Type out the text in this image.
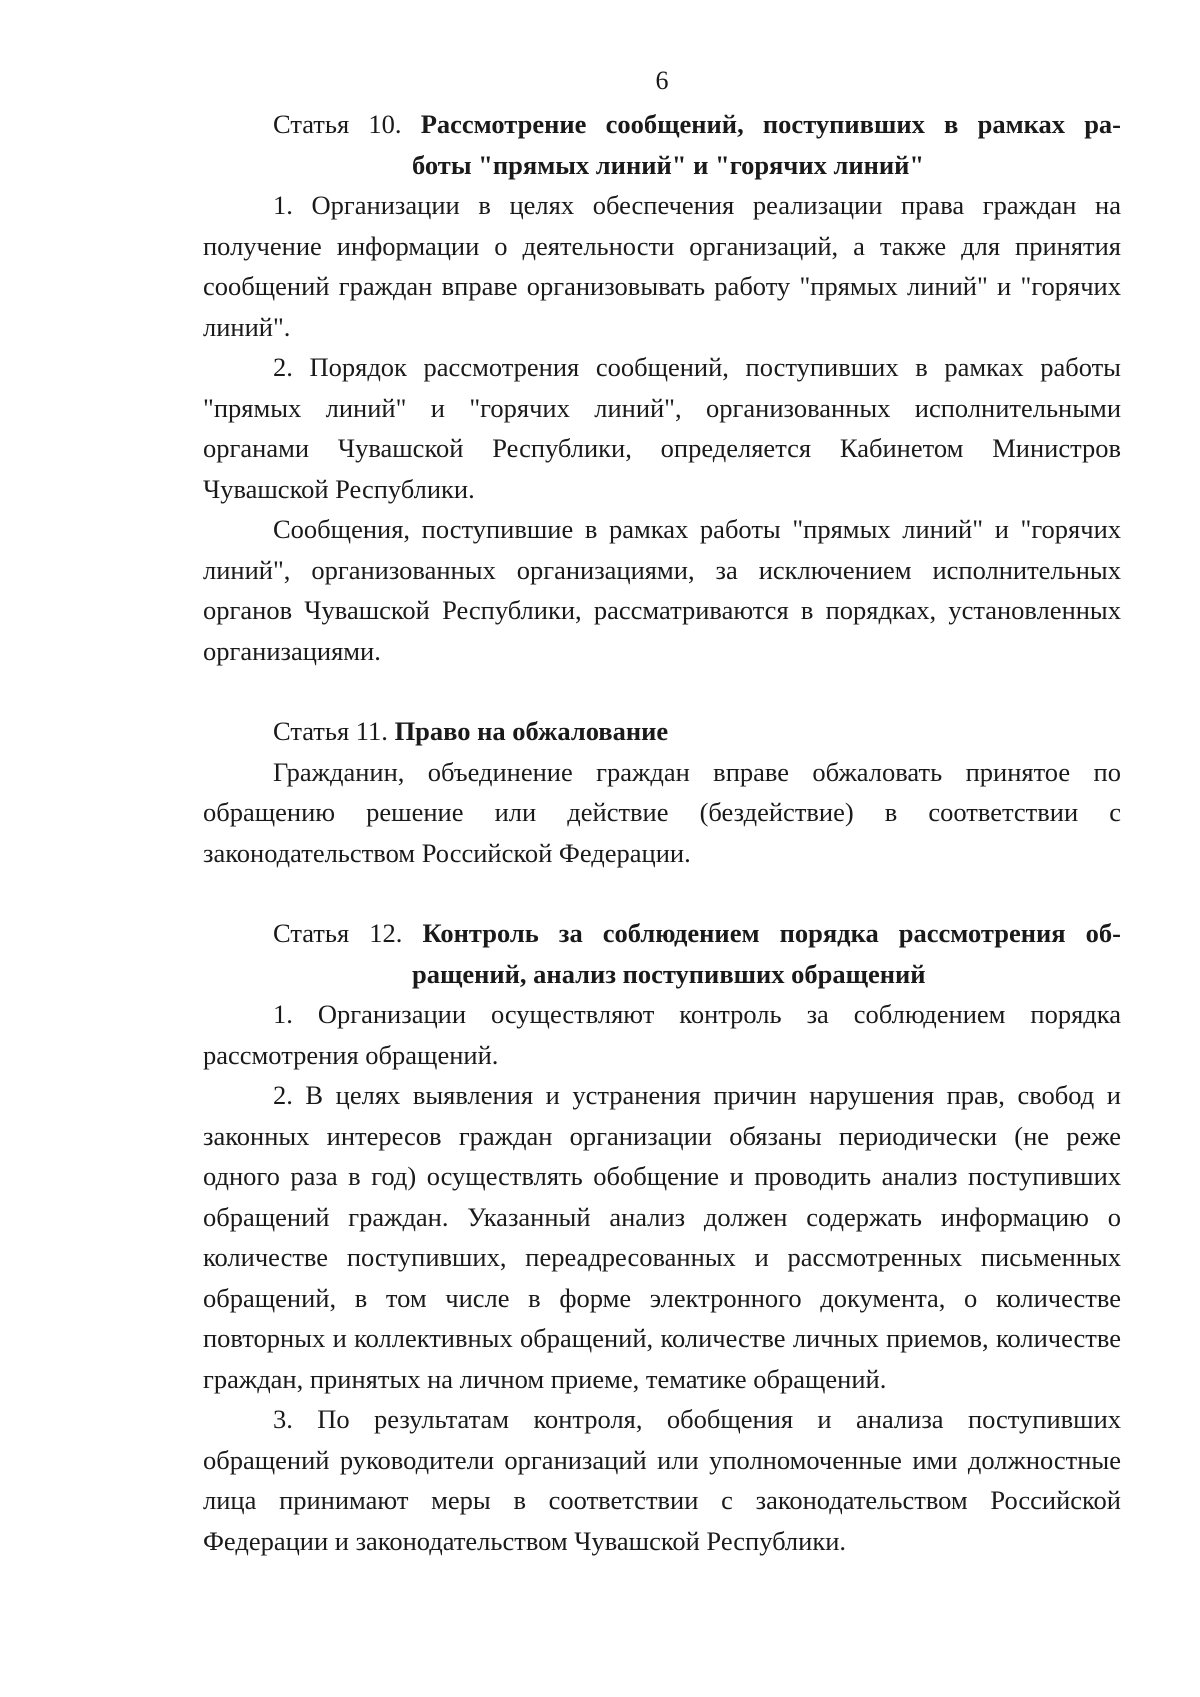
6
Статья 10. Рассмотрение сообщений, поступивших в рамках ра-
боты "прямых линий" и "горячих линий"

1. Организации в целях обеспечения реализации права граждан на получение информации о деятельности организаций, а также для принятия сообщений граждан вправе организовывать работу "прямых линий" и "горячих линий".

2. Порядок рассмотрения сообщений, поступивших в рамках работы "прямых линий" и "горячих линий", организованных исполнительными органами Чувашской Республики, определяется Кабинетом Министров Чувашской Республики.

Сообщения, поступившие в рамках работы "прямых линий" и "горячих линий", организованных организациями, за исключением исполнительных органов Чувашской Республики, рассматриваются в порядках, установленных организациями.

Статья 11. Право на обжалование

Гражданин, объединение граждан вправе обжаловать принятое по обращению решение или действие (бездействие) в соответствии с законодательством Российской Федерации.

Статья 12. Контроль за соблюдением порядка рассмотрения об-
ращений, анализ поступивших обращений

1. Организации осуществляют контроль за соблюдением порядка рассмотрения обращений.

2. В целях выявления и устранения причин нарушения прав, свобод и законных интересов граждан организации обязаны периодически (не реже одного раза в год) осуществлять обобщение и проводить анализ поступивших обращений граждан. Указанный анализ должен содержать информацию о количестве поступивших, переадресованных и рассмотренных письменных обращений, в том числе в форме электронного документа, о количестве повторных и коллективных обращений, количестве личных приемов, количестве граждан, принятых на личном приеме, тематике обращений.

3. По результатам контроля, обобщения и анализа поступивших обращений руководители организаций или уполномоченные ими должностные лица принимают меры в соответствии с законодательством Российской Федерации и законодательством Чувашской Республики.
